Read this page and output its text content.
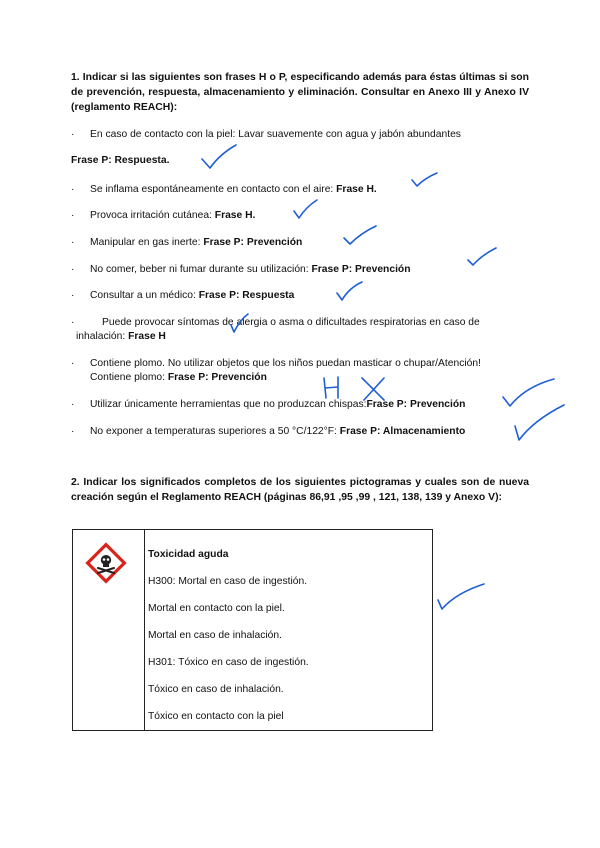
1. Indicar si las siguientes son frases H o P, especificando además para éstas últimas si son de prevención, respuesta, almacenamiento y eliminación. Consultar en Anexo III y Anexo IV (reglamento REACH):
· En caso de contacto con la piel: Lavar suavemente con agua y jabón abundantes
Frase P: Respuesta.
· Se inflama espontáneamente en contacto con el aire: Frase H.
· Provoca irritación cutánea: Frase H.
· Manipular en gas inerte: Frase P: Prevención
· No comer, beber ni fumar durante su utilización: Frase P: Prevención
· Consultar a un médico: Frase P: Respuesta
·	Puede provocar síntomas de alergia o asma o dificultades respiratorias en caso de
inhalación: Frase H
· Contiene plomo. No utilizar objetos que los niños puedan masticar o chupar/Atención!
Contiene plomo: Frase P: Prevención
· Utilizar únicamente herramientas que no produzcan chispas:Frase P: Prevención
· No exponer a temperaturas superiores a 50 °C/122°F: Frase P: Almacenamiento
2. Indicar los significados completos de los siguientes pictogramas y cuales son de nueva creación según el Reglamento REACH (páginas 86,91 ,95 ,99 , 121, 138, 139 y Anexo V):
Toxicidad aguda
H300: Mortal en caso de ingestión.
Mortal en contacto con la piel.
Mortal en caso de inhalación.
H301: Tóxico en caso de ingestión.
Tóxico en caso de inhalación.
Tóxico en contacto con la piel
